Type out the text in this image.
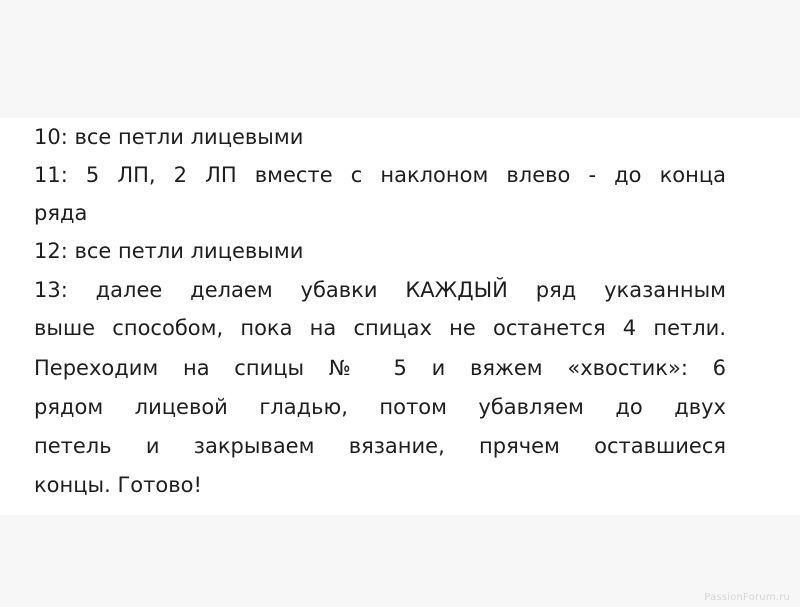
10: все петли лицевыми
11: 5 ЛП, 2 ЛП вместе с наклоном влево - до конца
ряда
12: все петли лицевыми
13: далее делаем убавки КАЖДЫЙ ряд указанным
выше способом, пока на спицах не останется 4 петли.
Переходим на спицы № 5 и вяжем «хвостик»: 6
рядом лицевой гладью, потом убавляем до двух
петель и закрываем вязание, прячем оставшиеся
концы. Готово!
PassionForum.ru
